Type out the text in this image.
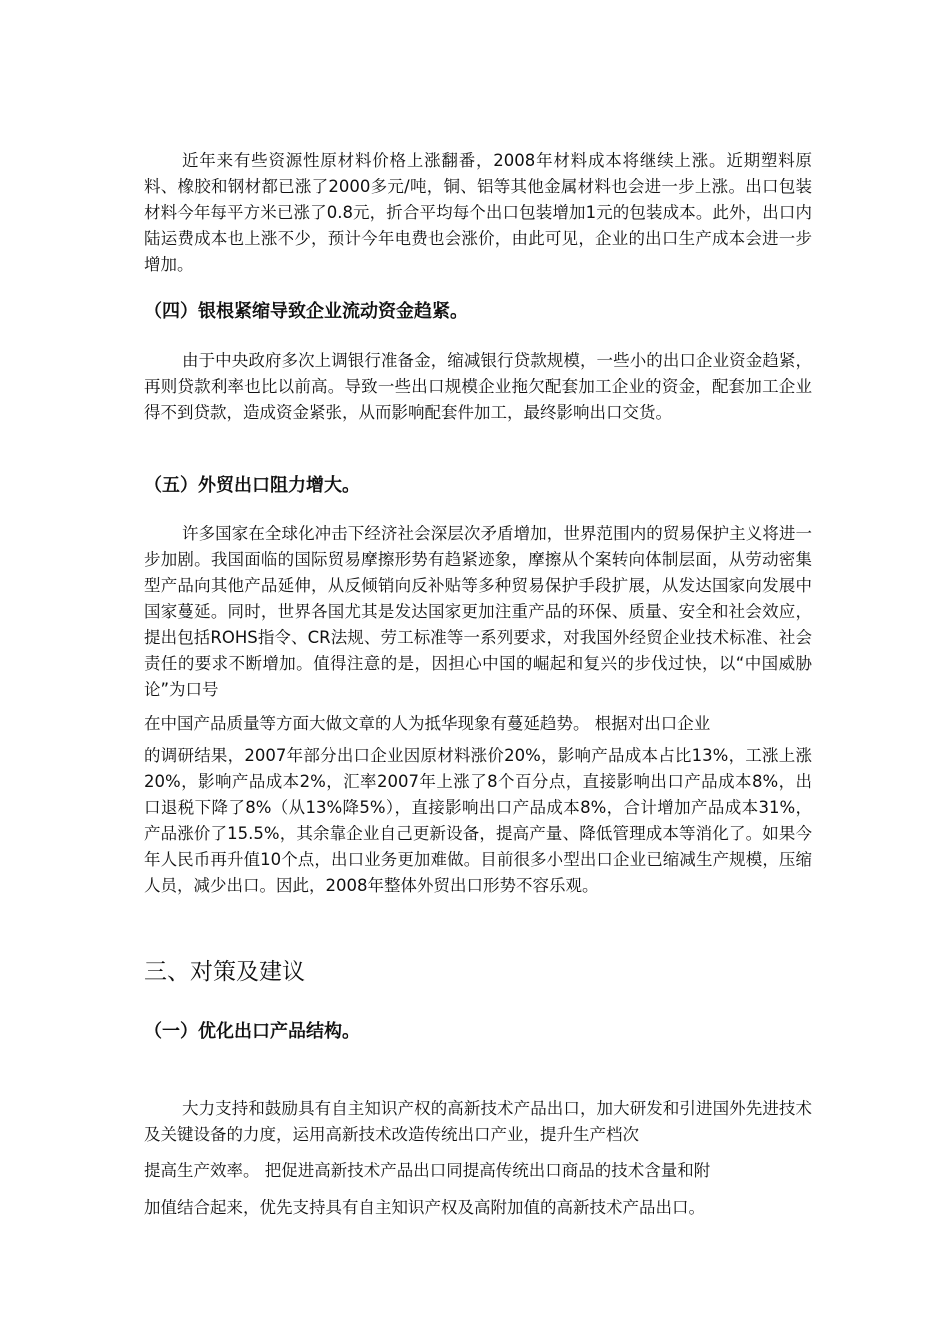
近年来有些资源性原材料价格上涨翻番，2008年材料成本将继续上涨。近期塑料原料、橡胶和钢材都已涨了2000多元/吨，铜、铝等其他金属材料也会进一步上涨。出口包装材料今年每平方米已涨了0.8元，折合平均每个出口包装增加1元的包装成本。此外，出口内陆运费成本也上涨不少，预计今年电费也会涨价，由此可见，企业的出口生产成本会进一步增加。

（四）银根紧缩导致企业流动资金趋紧。

由于中央政府多次上调银行准备金，缩减银行贷款规模，一些小的出口企业资金趋紧，再则贷款利率也比以前高。导致一些出口规模企业拖欠配套加工企业的资金，配套加工企业得不到贷款，造成资金紧张，从而影响配套件加工，最终影响出口交货。

（五）外贸出口阻力增大。

许多国家在全球化冲击下经济社会深层次矛盾增加，世界范围内的贸易保护主义将进一步加剧。我国面临的国际贸易摩擦形势有趋紧迹象，摩擦从个案转向体制层面，从劳动密集型产品向其他产品延伸，从反倾销向反补贴等多种贸易保护手段扩展，从发达国家向发展中国家蔓延。同时，世界各国尤其是发达国家更加注重产品的环保、质量、安全和社会效应，提出包括ROHS指令、CR法规、劳工标准等一系列要求，对我国外经贸企业技术标准、社会责任的要求不断增加。值得注意的是，因担心中国的崛起和复兴的步伐过快，以“中国威胁论”为口号

在中国产品质量等方面大做文章的人为抵华现象有蔓延趋势。 根据对出口企业

的调研结果，2007年部分出口企业因原材料涨价20%，影响产品成本占比13%，工涨上涨20%，影响产品成本2%，汇率2007年上涨了8个百分点，直接影响出口产品成本8%，出口退税下降了8%（从13%降5%），直接影响出口产品成本8%，合计增加产品成本31%，产品涨价了15.5%，其余靠企业自己更新设备，提高产量、降低管理成本等消化了。如果今年人民币再升值10个点，出口业务更加难做。目前很多小型出口企业已缩减生产规模，压缩人员，减少出口。因此，2008年整体外贸出口形势不容乐观。

三、对策及建议
（一）优化出口产品结构。

大力支持和鼓励具有自主知识产权的高新技术产品出口，加大研发和引进国外先进技术及关键设备的力度，运用高新技术改造传统出口产业，提升生产档次

提高生产效率。 把促进高新技术产品出口同提高传统出口商品的技术含量和附

加值结合起来，优先支持具有自主知识产权及高附加值的高新技术产品出口。
